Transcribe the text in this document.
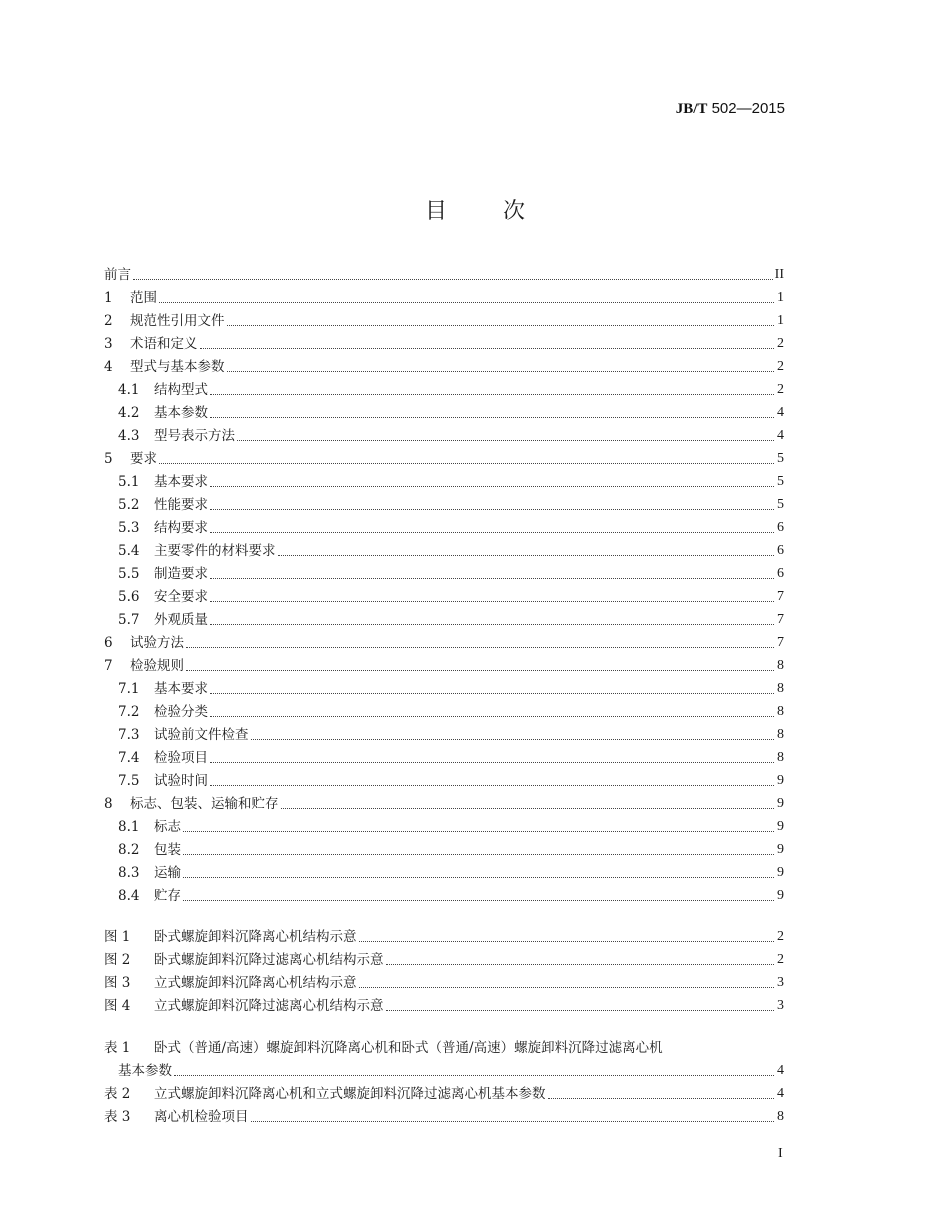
JB/T 502—2015
目	次
前言	II
1	范围	1
2	规范性引用文件	1
3	术语和定义	2
4	型式与基本参数	2
4.1	结构型式	2
4.2	基本参数	4
4.3	型号表示方法	4
5	要求	5
5.1	基本要求	5
5.2	性能要求	5
5.3	结构要求	6
5.4	主要零件的材料要求	6
5.5	制造要求	6
5.6	安全要求	7
5.7	外观质量	7
6	试验方法	7
7	检验规则	8
7.1	基本要求	8
7.2	检验分类	8
7.3	试验前文件检查	8
7.4	检验项目	8
7.5	试验时间	9
8	标志、包装、运输和贮存	9
8.1	标志	9
8.2	包装	9
8.3	运输	9
8.4	贮存	9
图 1	卧式螺旋卸料沉降离心机结构示意	2
图 2	卧式螺旋卸料沉降过滤离心机结构示意	2
图 3	立式螺旋卸料沉降离心机结构示意	3
图 4	立式螺旋卸料沉降过滤离心机结构示意	3
表 1 卧式（普通/高速）螺旋卸料沉降离心机和卧式（普通/高速）螺旋卸料沉降过滤离心机
基本参数	4
表 2	立式螺旋卸料沉降离心机和立式螺旋卸料沉降过滤离心机基本参数	4
表 3	离心机检验项目	8
I
